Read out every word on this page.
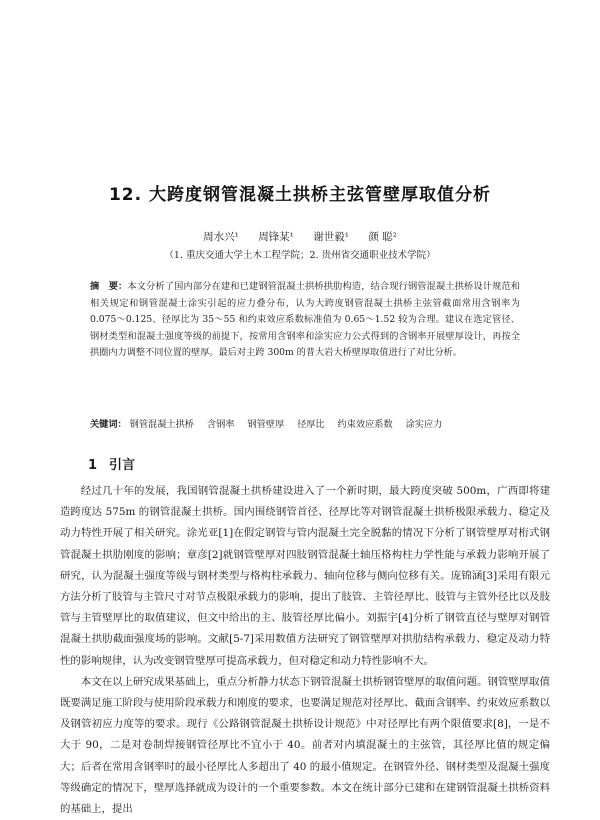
12. 大跨度钢管混凝土拱桥主弦管壁厚取值分析
周水兴¹ 周锋某¹ 谢世毅¹ 颜 聪²
（1. 重庆交通大学土木工程学院；2. 贵州省交通职业技术学院）
摘　要：本文分析了国内部分在建和已建钢管混凝土拱桥拱肋构造，结合现行钢管混凝土拱桥设计规范和相关规定和钢管混凝土涂实引起的应力叠分布，认为大跨度钢管混凝土拱桥主弦管截面常用含钢率为 0.075～0.125、径厚比为 35～55 和约束效应系数标准值为 0.65～1.52 较为合理。建议在选定管径、钢材类型和混凝土强度等级的前提下，按常用含钢率和涂实应力公式得到的含钢率开展壁厚设计，再按全拱圈内力调整不同位置的壁厚。最后对主跨 300m 的普大岩大桥壁厚取值进行了对比分析。
关键词： 钢管混凝土拱桥 含钢率 钢管壁厚 径厚比 约束效应系数 涂实应力
1 引言

经过几十年的发展，我国钢管混凝土拱桥建设进入了一个新时期，最大跨度突破 500m，广西即将建造跨度达 575m 的钢管混凝土拱桥。国内围绕钢管首径、径厚比等对钢管混凝土拱桥极限承载力、稳定及动力特性开展了相关研究。涂光亚[1]在假定钢管与管内混凝土完全脱黏的情况下分析了钢管壁厚对桁式钢管混凝土拱肋刚度的影响；章彦[2]就钢管壁厚对四肢钢管混凝土轴压格构柱力学性能与承载力影响开展了研究，认为混凝土强度等级与钢材类型与格构柱承载力、轴向位移与侧向位移有关。庞锦涵[3]采用有限元方法分析了肢管与主管尺寸对节点极限承载力的影响，提出了肢管、主管径厚比、肢管与主管外径比以及肢管与主管壁厚比的取值建议，但文中给出的主、肢管径厚比偏小。刘振宇[4]分析了钢管直径与壁厚对钢管混凝土拱肋截面强度场的影响。文献[5-7]采用数值方法研究了钢管壁厚对拱肋结构承载力、稳定及动力特性的影响规律，认为改变钢管壁厚可提高承载力，但对稳定和动力特性影响不大。

本文在以上研究成果基础上，重点分析静力状态下钢管混凝土拱桥钢管壁厚的取值问题。钢管壁厚取值既要满足施工阶段与使用阶段承载力和刚度的要求，也要满足规范对径厚比、截面含钢率、约束效应系数以及钢管初应力度等的要求。现行《公路钢管混凝土拱桥设计规范》中对径厚比有两个限值要求[8]，一是不大于 90，二是对卷制焊接钢管径厚比不宜小于 40。前者对内填混凝土的主弦管，其径厚比值的规定偏大；后者在常用含钢率时的最小径厚比人多超出了 40 的最小值规定。在钢管外径、钢材类型及混凝土强度等级确定的情况下，壁厚选择就成为设计的一个重要参数。本文在统计部分已建和在建钢管混凝土拱桥资料的基础上，提出
